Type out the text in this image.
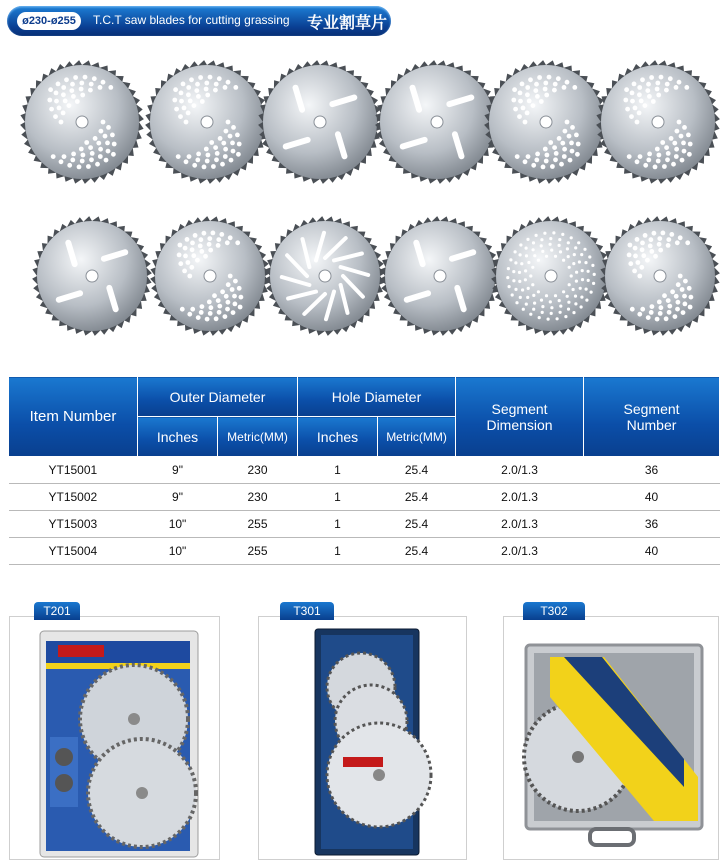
ø230-ø255	T.C.T saw blades for cutting grassing 专业割草片
Item Number	Outer Diameter		Hole Diameter		Segment Dimension	Segment Number
	Inches	Metric(MM)	Inches	Metric(MM)		
YT15001	9"	230	1	25.4	2.0/1.3	36
YT15002	9"	230	1	25.4	2.0/1.3	40
YT15003	10"	255	1	25.4	2.0/1.3	36
YT15004	10"	255	1	25.4	2.0/1.3	40
T201	T301	T302
